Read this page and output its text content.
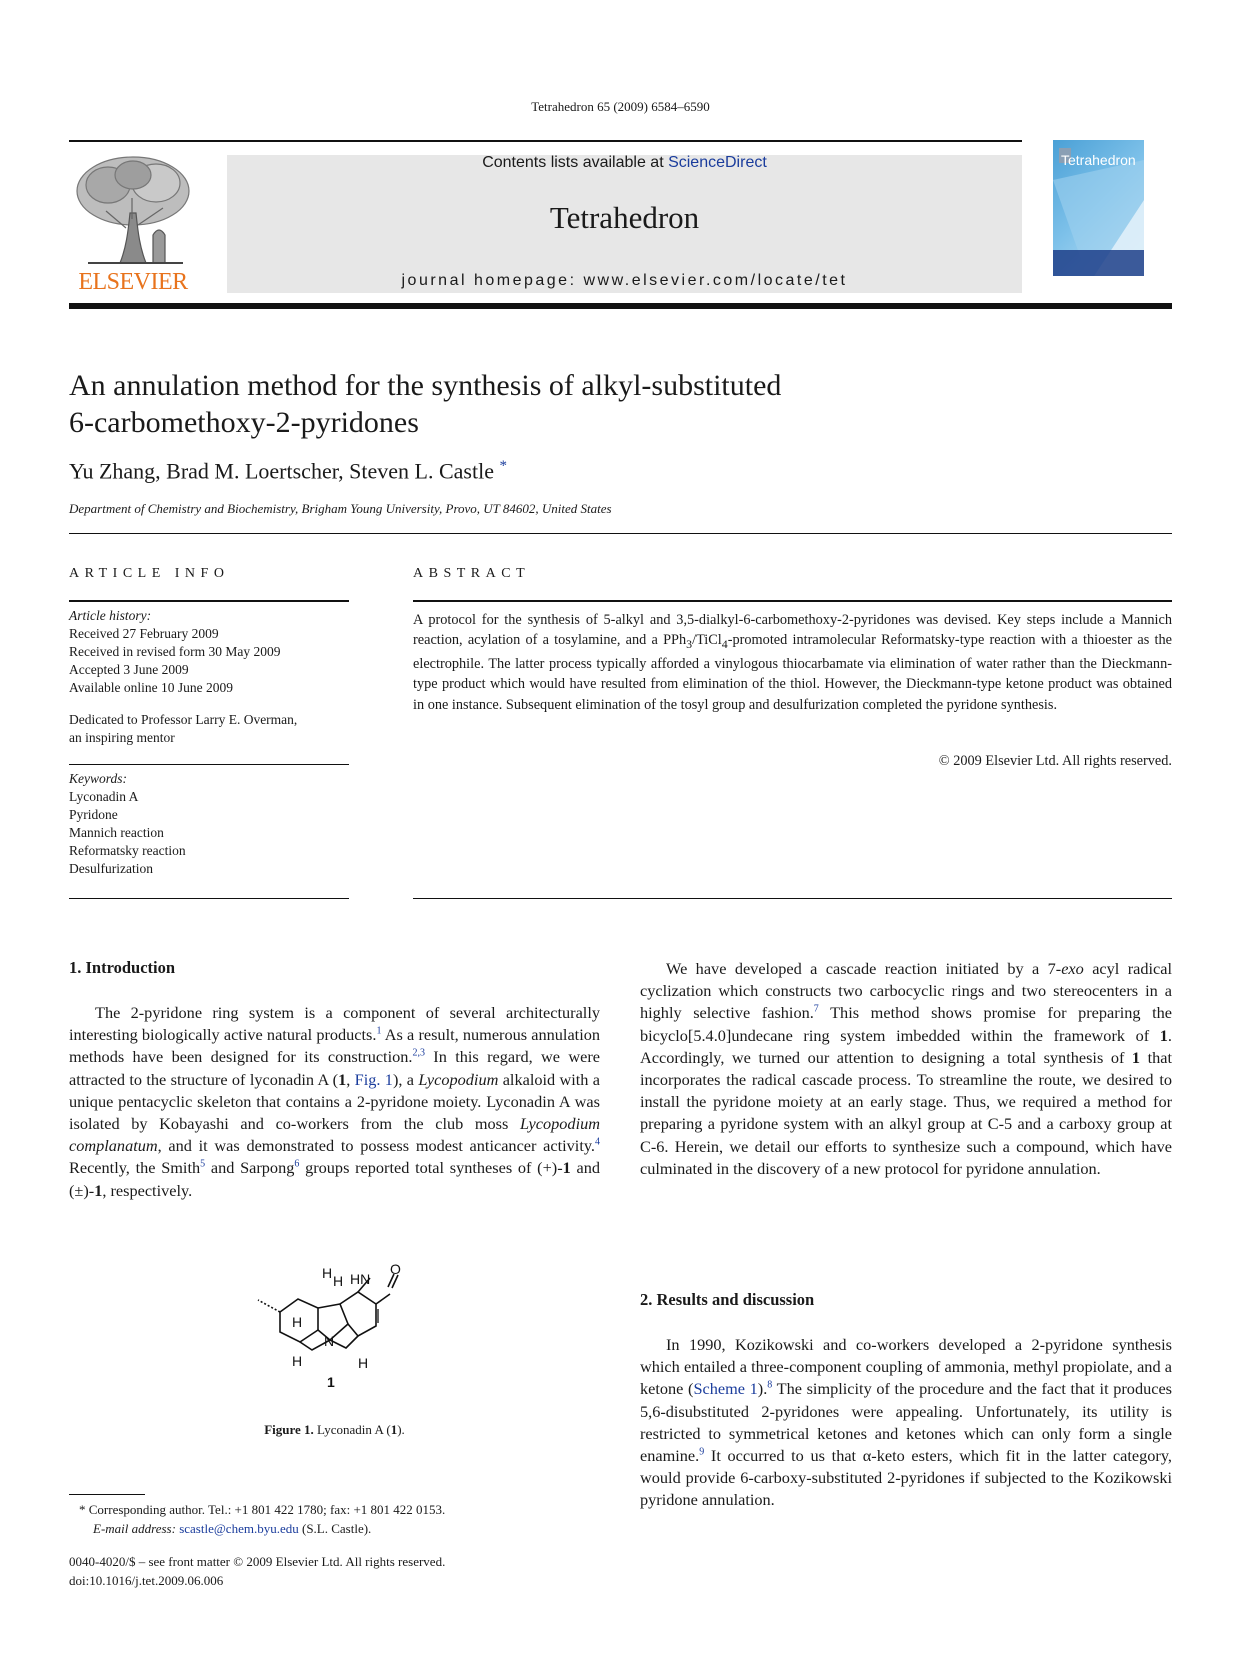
Tetrahedron 65 (2009) 6584–6590
ELSEVIER
Contents lists available at ScienceDirect
Tetrahedron
journal homepage: www.elsevier.com/locate/tet
Tetrahedron
An annulation method for the synthesis of alkyl-substituted
6-carbomethoxy-2-pyridones
Yu Zhang, Brad M. Loertscher, Steven L. Castle *
Department of Chemistry and Biochemistry, Brigham Young University, Provo, UT 84602, United States
ARTICLE INFO

Article history:

Received 27 February 2009

Received in revised form 30 May 2009

Accepted 3 June 2009

Available online 10 June 2009

Dedicated to Professor Larry E. Overman,

an inspiring mentor

Keywords:

Lyconadin A

Pyridone

Mannich reaction

Reformatsky reaction

Desulfurization

ABSTRACT
A protocol for the synthesis of 5-alkyl and 3,5-dialkyl-6-carbomethoxy-2-pyridones was devised. Key steps include a Mannich reaction, acylation of a tosylamine, and a PPh$_3$/TiCl$_4$-promoted intramolecular Reformatsky-type reaction with a thioester as the electrophile. The latter process typically afforded a vinylogous thiocarbamate via elimination of water rather than the Dieckmann-type product which would have resulted from elimination of the thiol. However, the Dieckmann-type ketone product was obtained in one instance. Subsequent elimination of the tosyl group and desulfurization completed the pyridone synthesis.
© 2009 Elsevier Ltd. All rights reserved.
1. Introduction

The 2-pyridone ring system is a component of several architecturally interesting biologically active natural products.$^1$ As a result, numerous annulation methods have been designed for its construction.$^{2,3}$ In this regard, we were attracted to the structure of lyconadin A (1, Fig. 1), a Lycopodium alkaloid with a unique pentacyclic skeleton that contains a 2-pyridone moiety. Lyconadin A was isolated by Kobayashi and co-workers from the club moss Lycopodium complanatum, and it was demonstrated to possess modest anticancer activity.$^4$ Recently, the Smith$^5$ and Sarpong$^6$ groups reported total syntheses of (+)-1 and (±)-1, respectively.

O
HN
N
H H
H
H	H
1
Figure 1. Lyconadin A (1).
* Corresponding author. Tel.: +1 801 422 1780; fax: +1 801 422 0153.
E-mail address: scastle@chem.byu.edu (S.L. Castle).
0040-4020/$ – see front matter © 2009 Elsevier Ltd. All rights reserved.
doi:10.1016/j.tet.2009.06.006

We have developed a cascade reaction initiated by a 7-exo acyl radical cyclization which constructs two carbocyclic rings and two stereocenters in a highly selective fashion.$^7$ This method shows promise for preparing the bicyclo[5.4.0]undecane ring system imbedded within the framework of 1. Accordingly, we turned our attention to designing a total synthesis of 1 that incorporates the radical cascade process. To streamline the route, we desired to install the pyridone moiety at an early stage. Thus, we required a method for preparing a pyridone system with an alkyl group at C-5 and a carboxy group at C-6. Herein, we detail our efforts to synthesize such a compound, which have culminated in the discovery of a new protocol for pyridone annulation.

2. Results and discussion

In 1990, Kozikowski and co-workers developed a 2-pyridone synthesis which entailed a three-component coupling of ammonia, methyl propiolate, and a ketone (Scheme 1).$^8$ The simplicity of the procedure and the fact that it produces 5,6-disubstituted 2-pyridones were appealing. Unfortunately, its utility is restricted to symmetrical ketones and ketones which can only form a single enamine.$^9$ It occurred to us that α-keto esters, which fit in the latter category, would provide 6-carboxy-substituted 2-pyridones if subjected to the Kozikowski pyridone annulation.
